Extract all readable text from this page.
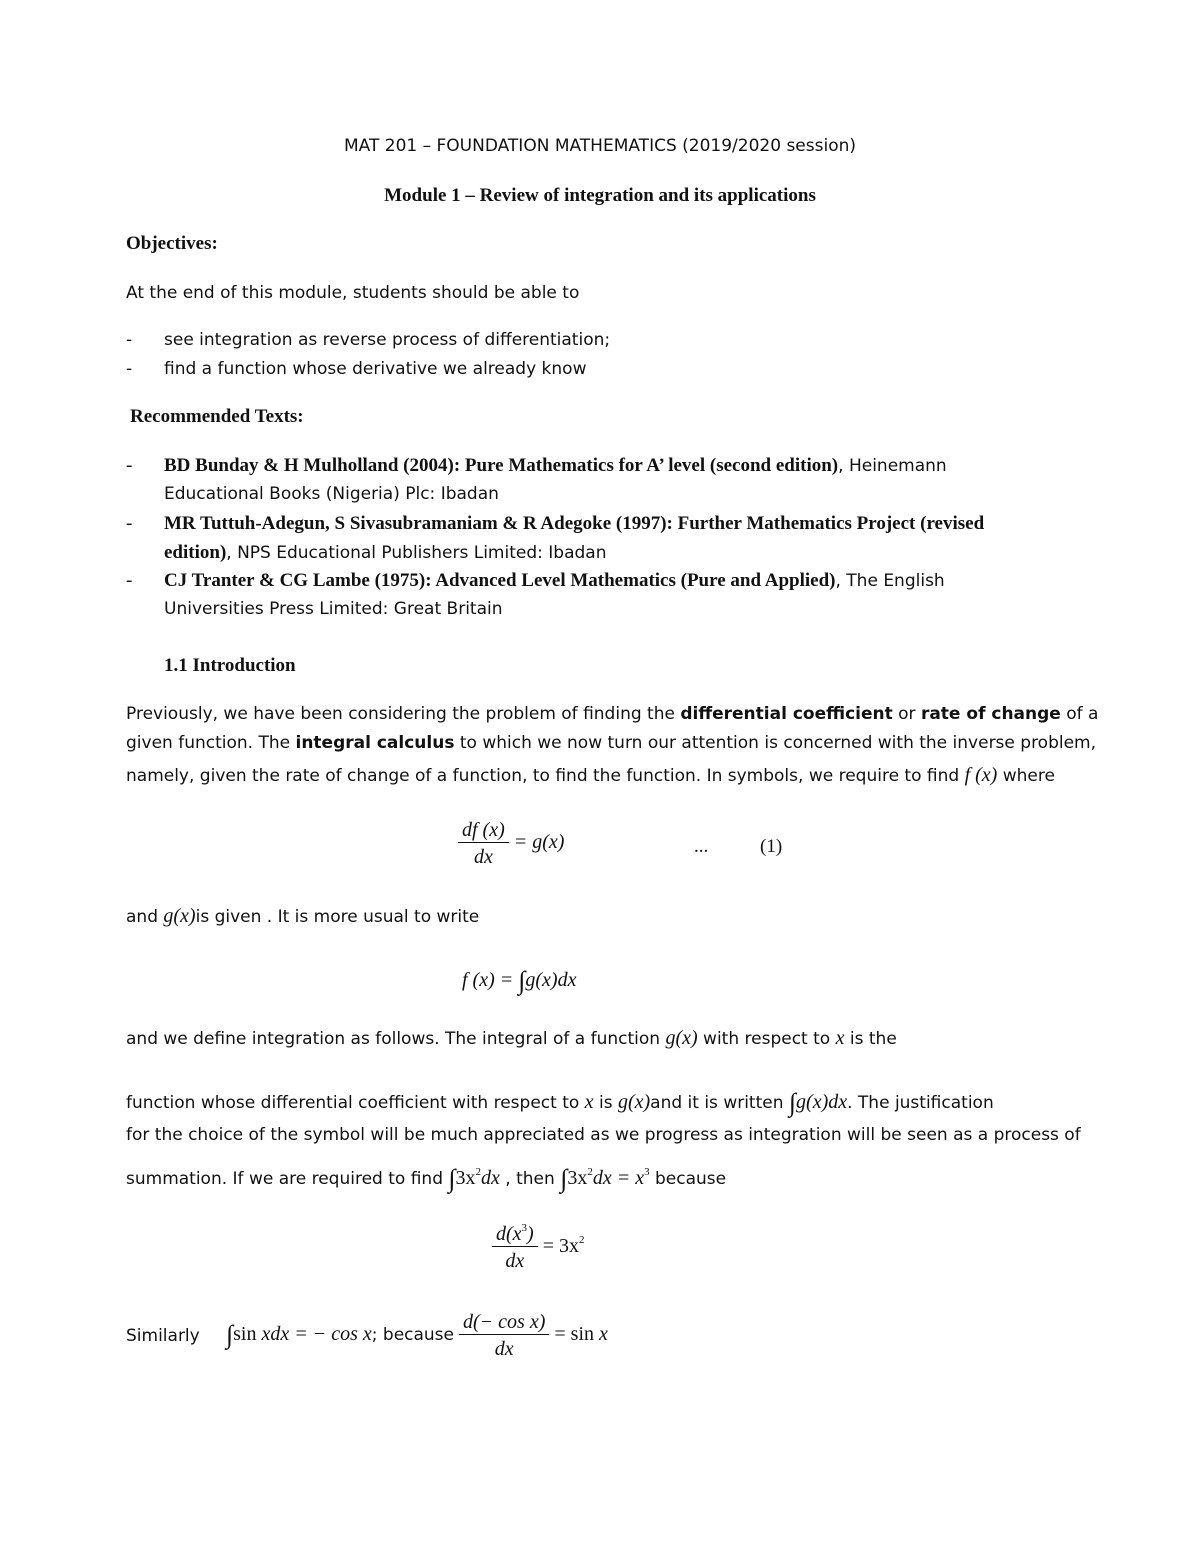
MAT 201 – FOUNDATION MATHEMATICS (2019/2020 session)
Module 1 – Review of integration and its applications
Objectives:
At the end of this module, students should be able to
- see integration as reverse process of differentiation;
- find a function whose derivative we already know
Recommended Texts:
- BD Bunday & H Mulholland (2004): Pure Mathematics for A’ level (second edition), Heinemann
Educational Books (Nigeria) Plc: Ibadan
- MR Tuttuh-Adegun, S Sivasubramaniam & R Adegoke (1997): Further Mathematics Project (revised
edition), NPS Educational Publishers Limited: Ibadan
- CJ Tranter & CG Lambe (1975): Advanced Level Mathematics (Pure and Applied), The English
Universities Press Limited: Great Britain
1.1 Introduction
Previously, we have been considering the problem of finding the differential coefficient or rate of change of a
given function. The integral calculus to which we now turn our attention is concerned with the inverse problem,
namely, given the rate of change of a function, to find the function. In symbols, we require to find f (x) where
$\frac{df (x)}{dx} = g(x)$	...	(1)
and g(x)is given . It is more usual to write
f (x) = ∫g(x)dx
and we define integration as follows. The integral of a function g(x) with respect to x is the
function whose differential coefficient with respect to x is g(x)and it is written ∫g(x)dx. The justification
for the choice of the symbol will be much appreciated as we progress as integration will be seen as a process of
summation. If we are required to find $\int 3x^2dx$ , then $\int 3x^2dx = x^3$ because
$\frac{d(x^3)}{dx} = 3x^2$
Similarly ∫sin xdx = − cos x; because $\frac{\text{d(− cos x)}}{dx} = \sin x$
